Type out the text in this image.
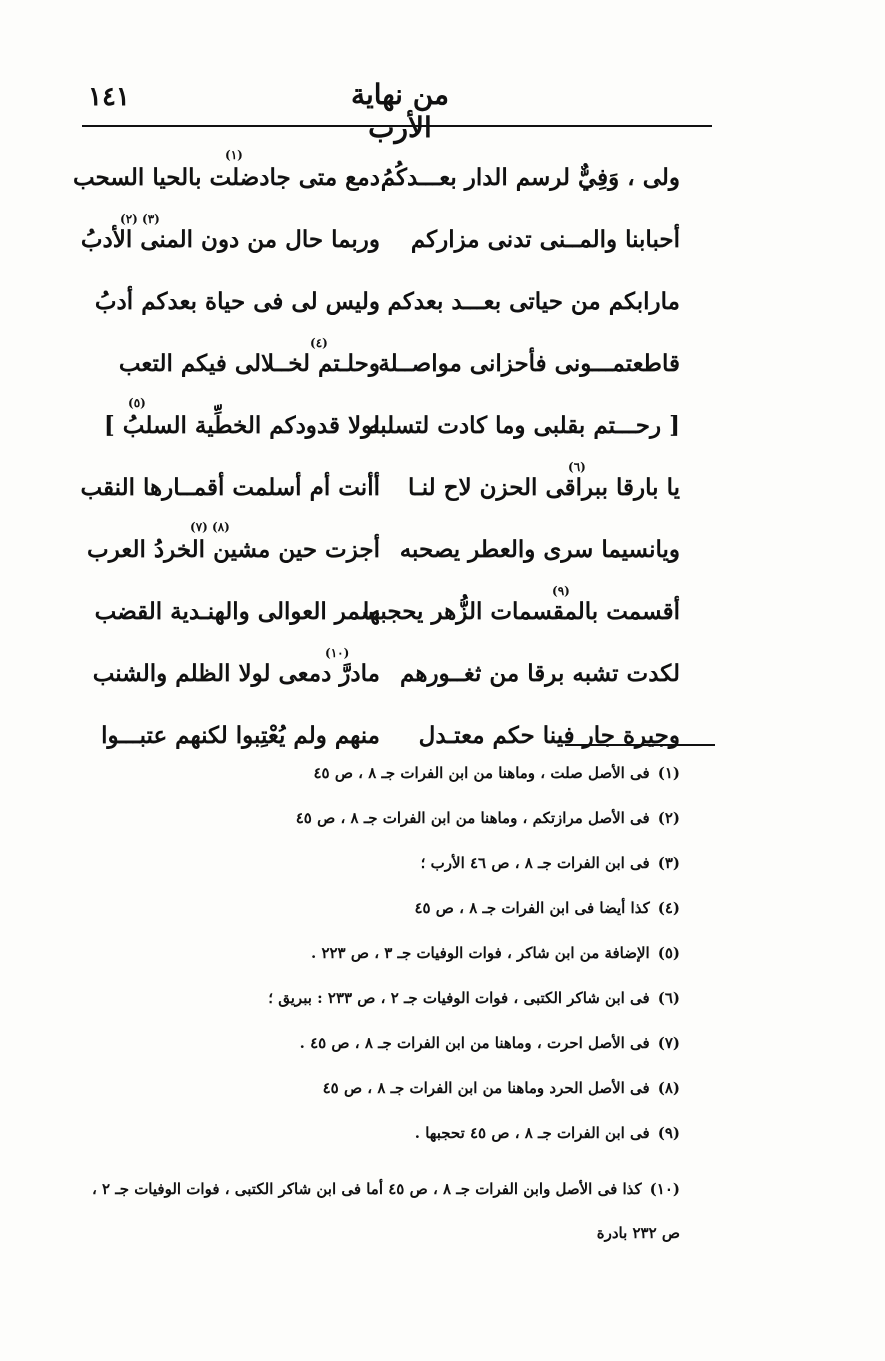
١٤١	من نهاية الأرب
(١)
ولى ، وَفِيٌّ لرسم الدار بعـــدكُمُ
دمع متى جادضلت بالحيا السحب
(٢) (٣)
أحبابنا والمــنى تدنى مزاركم
وربما حال من دون المنى الأدبُ
مارابكم من حياتى بعـــد بعدكم
وليس لى فى حياة بعدكم أدبُ
(٤)
قاطعتمـــونى فأحزانى مواصــلة
وحلـتم لخــلالى فيكم التعب
(٥)
[ رحـــتم بقلبى وما كادت لتسلبه
لولا قدودكم الخطِّية السلبُ ]
(٦)
يا بارقا ببراقى الحزن لاح لنـا
أأنت أم أسلمت أقمــارها النقب
(٧) (٨)
ويانسيما سرى والعطر يصحبه
أجزت حين مشين الخردُ العرب
(٩)
أقسمت بالمقسمات الزُّهر يحجبها
سمر العوالى والهنـدية القضب
(١٠)
لكدت تشبه برقا من ثغــورهم
مادرَّ دمعى لولا الظلم والشنب
وجيرة جار فينا حكم معتـدل
منهم ولم يُعْتِبوا لكنهم عتبـــوا
(١)فى الأصل صلت ، وماهنا من ابن الفرات جـ ٨ ، ص ٤٥
(٢)فى الأصل مرازتكم ، وماهنا من ابن الفرات جـ ٨ ، ص ٤٥
(٣)فى ابن الفرات جـ ٨ ، ص ٤٦ الأرب ؛
(٤)كذا أيضا فى ابن الفرات جـ ٨ ، ص ٤٥
(٥)الإضافة من ابن شاكر ، فوات الوفيات جـ ٣ ، ص ٢٢٣ .
(٦)فى ابن شاكر الكتبى ، فوات الوفيات جـ ٢ ، ص ٢٣٣ : ببريق ؛
(٧)فى الأصل احرت ، وماهنا من ابن الفرات جـ ٨ ، ص ٤٥ .
(٨)فى الأصل الحرد وماهنا من ابن الفرات جـ ٨ ، ص ٤٥
(٩)فى ابن الفرات جـ ٨ ، ص ٤٥ تحجبها .
(١٠)كذا فى الأصل وابن الفرات جـ ٨ ، ص ٤٥ أما فى ابن شاكر الكتبى ، فوات الوفيات جـ ٢ ، ص ٢٣٢ بادرة
